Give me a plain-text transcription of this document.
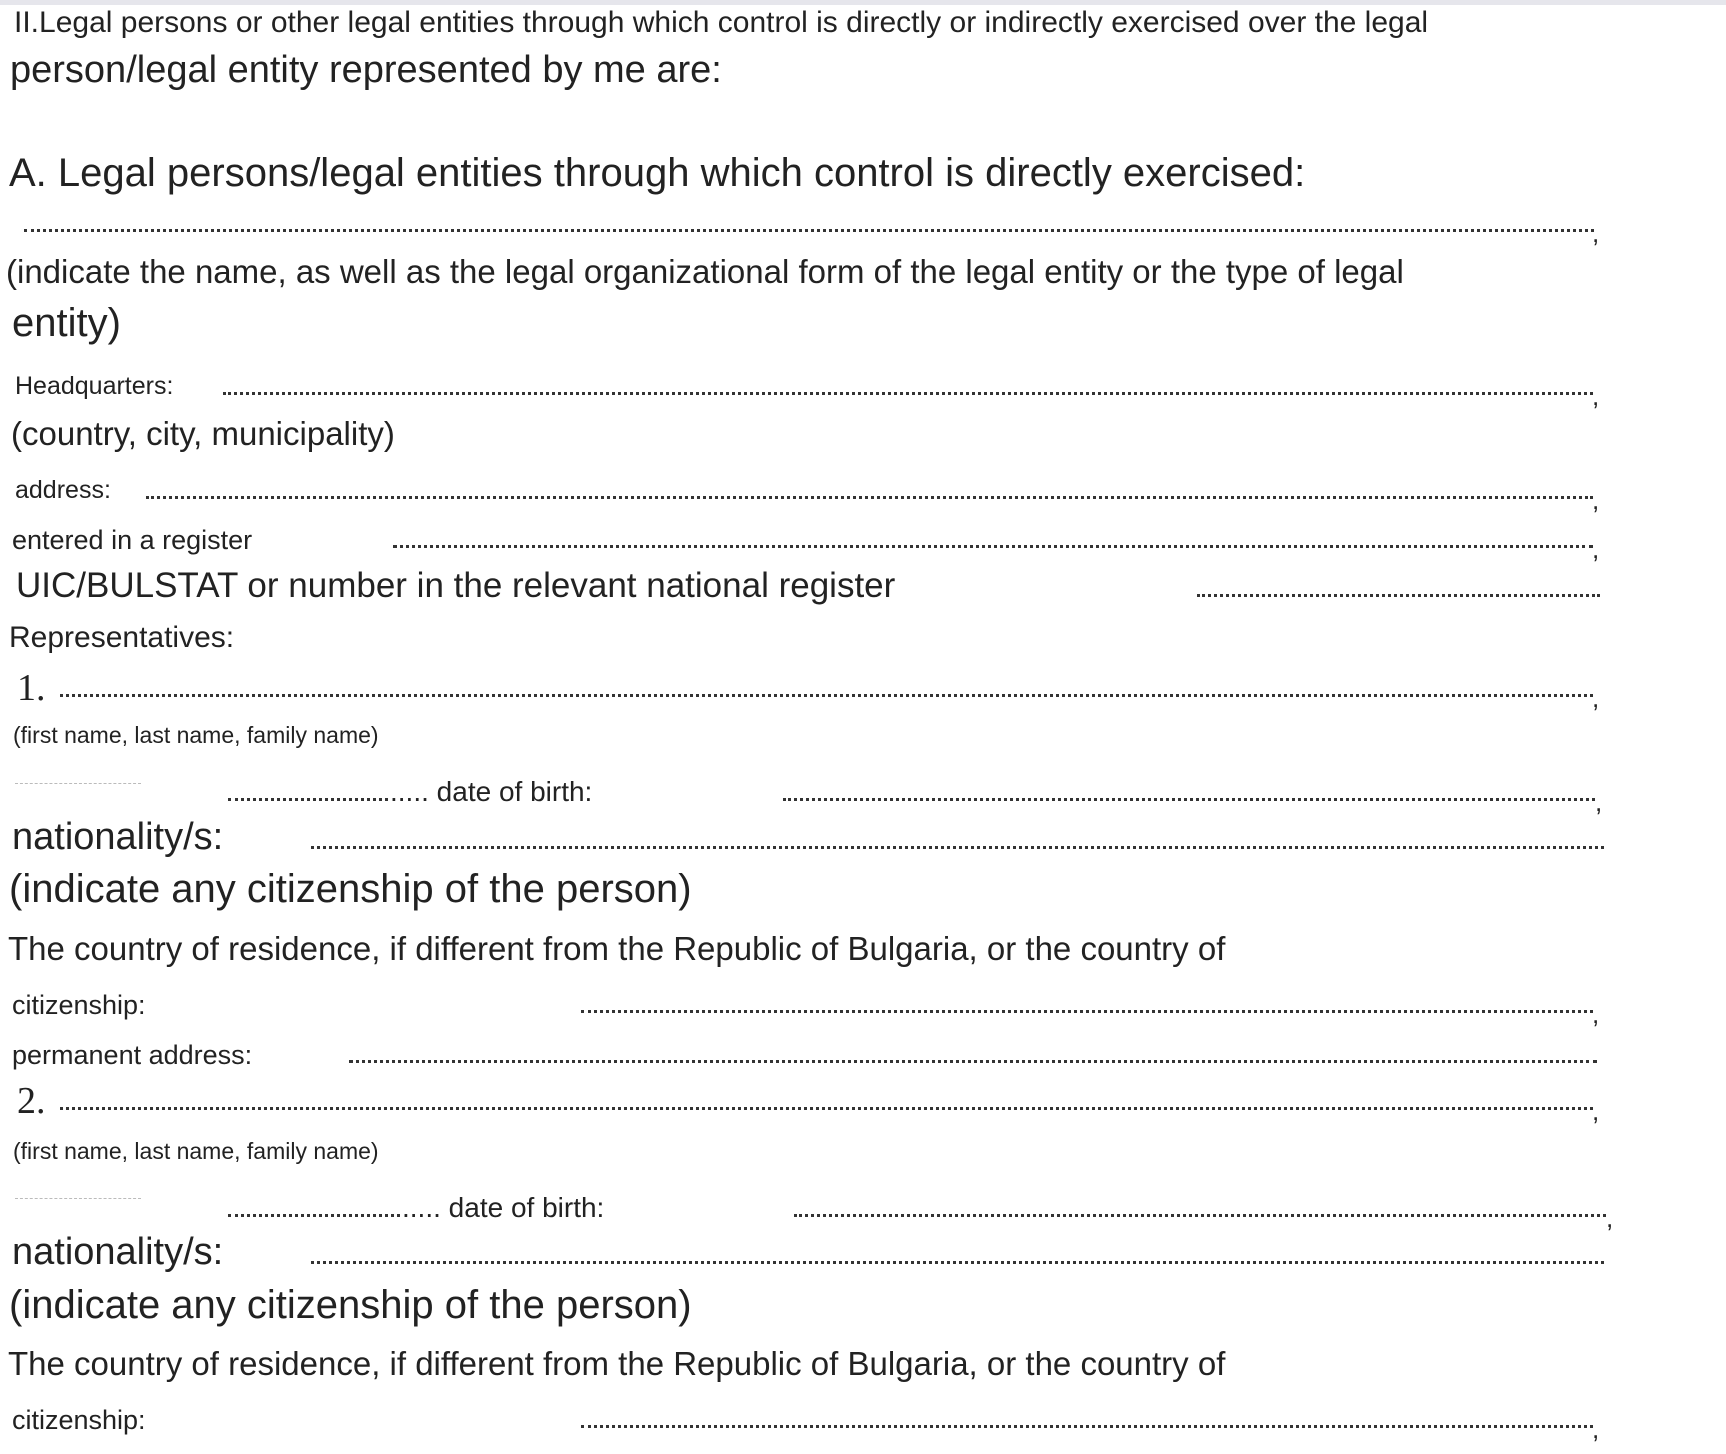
II.Legal persons or other legal entities through which control is directly or indirectly exercised over the legal
person/legal entity represented by me are:
A. Legal persons/legal entities through which control is directly exercised:
,
(indicate the name, as well as the legal organizational form of the legal entity or the type of legal
entity)
Headquarters:	,
(country, city, municipality)
address:	,
entered in a register	,
UIC/BULSTAT or number in the relevant national register
Representatives:
1.	,
(first name, last name, family name)
..... date of birth:	,
nationality/s:
(indicate any citizenship of the person)
The country of residence, if different from the Republic of Bulgaria, or the country of
citizenship:	,
permanent address:
2.	,
(first name, last name, family name)
..... date of birth:	,
nationality/s:
(indicate any citizenship of the person)
The country of residence, if different from the Republic of Bulgaria, or the country of
citizenship:	,
